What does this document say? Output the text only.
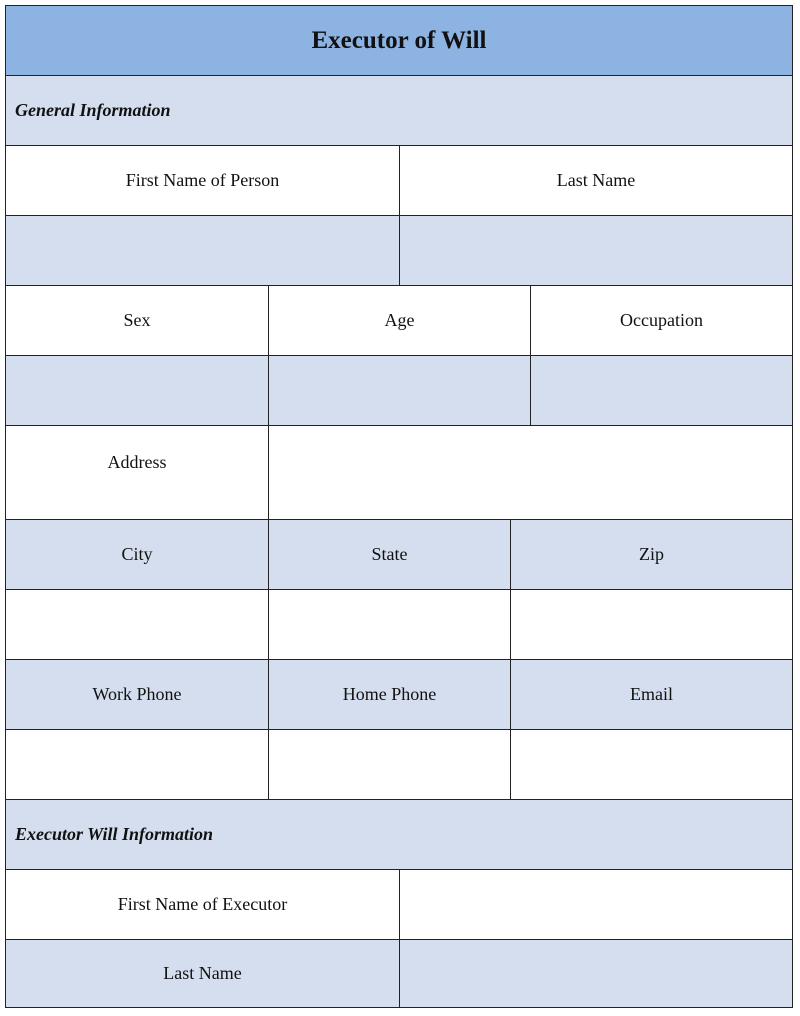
Executor of Will
General Information
First Name of Person	Last Name
Sex	Age	Occupation
Address
City	State	Zip
Work Phone	Home Phone	Email
Executor Will Information
First Name of Executor
Last Name
